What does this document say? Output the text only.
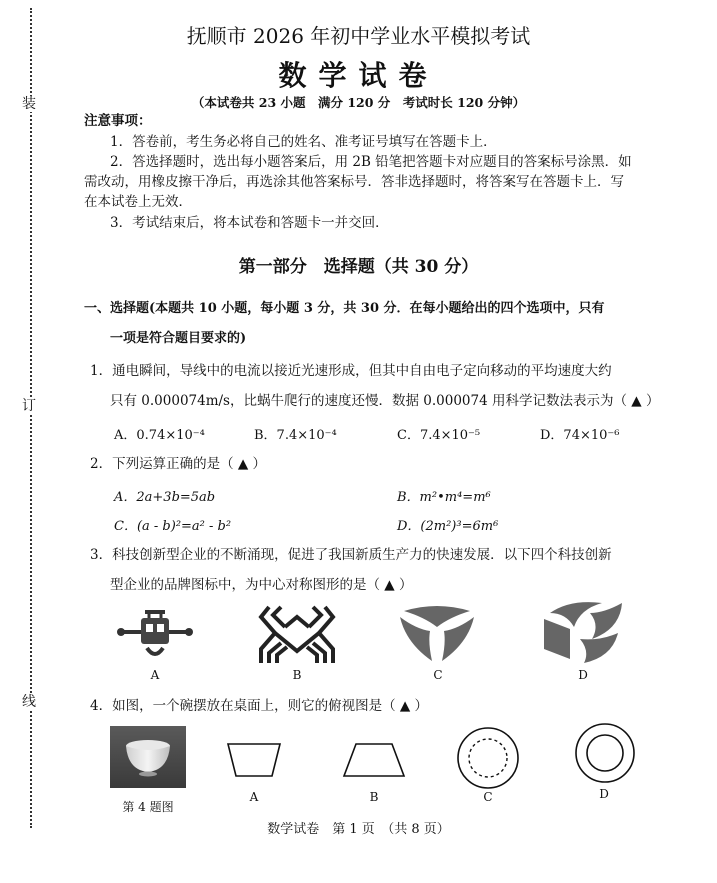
装
订
线
抚顺市 2026 年初中学业水平模拟考试
数学试卷
（本试卷共 23 小题　满分 120 分　考试时长 120 分钟）
注意事项：
1．答卷前，考生务必将自己的姓名、准考证号填写在答题卡上．
2．答选择题时，选出每小题答案后，用 2B 铅笔把答题卡对应题目的答案标号涂黑．如
需改动，用橡皮擦干净后，再选涂其他答案标号．答非选择题时，将答案写在答题卡上．写
在本试卷上无效．
3．考试结束后，将本试卷和答题卡一并交回．
第一部分　选择题（共 30 分）
一、选择题(本题共 10 小题，每小题 3 分，共 30 分．在每小题给出的四个选项中，只有
一项是符合题目要求的)
1．通电瞬间，导线中的电流以接近光速形成，但其中自由电子定向移动的平均速度大约
只有 0.000074m/s，比蜗牛爬行的速度还慢．数据 0.000074 用科学记数法表示为（ ▲ ）
A．0.74×10⁻⁴	B．7.4×10⁻⁴	C．7.4×10⁻⁵	D．74×10⁻⁶
2．下列运算正确的是（ ▲ ）
A．2a+3b=5ab	B．m²•m⁴=m⁶
C．(a - b)²=a² - b²	D．(2m²)³=6m⁶
3．科技创新型企业的不断涌现，促进了我国新质生产力的快速发展．以下四个科技创新
型企业的品牌图标中，为中心对称图形的是（ ▲ ）
A	B	C	D
4．如图，一个碗摆放在桌面上，则它的俯视图是（ ▲ ）
第 4 题图
A	B	C	D
数学试卷　第 1 页　（共 8 页）
